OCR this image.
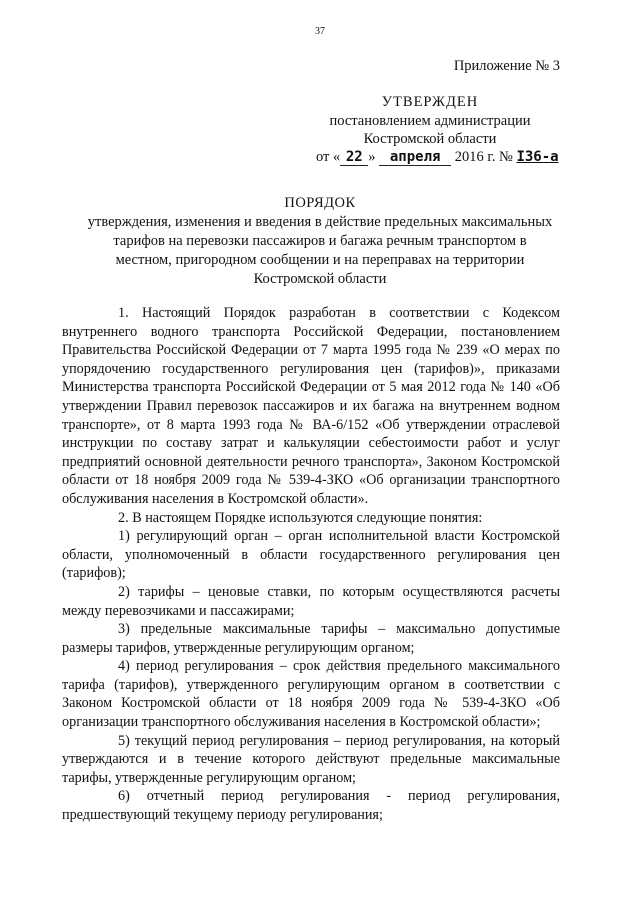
37
Приложение № 3
УТВЕРЖДЕН
постановлением администрации
Костромской области
от « 22 » апреля 2016 г. № I36-а
ПОРЯДОК
утверждения, изменения и введения в действие предельных максимальных
тарифов на перевозки пассажиров и багажа речным транспортом в
местном, пригородном сообщении и на переправах на территории
Костромской области

1. Настоящий Порядок разработан в соответствии с Кодексом внутреннего водного транспорта Российской Федерации, постановлением Правительства Российской Федерации от 7 марта 1995 года № 239 «О мерах по упорядочению государственного регулирования цен (тарифов)», приказами Министерства транспорта Российской Федерации от 5 мая 2012 года № 140 «Об утверждении Правил перевозок пассажиров и их багажа на внутреннем водном транспорте», от 8 марта 1993 года № ВА-6/152 «Об утверждении отраслевой инструкции по составу затрат и калькуляции себестоимости работ и услуг предприятий основной деятельности речного транспорта», Законом Костромской области от 18 ноября 2009 года № 539-4-ЗКО «Об организации транспортного обслуживания населения в Костромской области».

2. В настоящем Порядке используются следующие понятия:

1) регулирующий орган – орган исполнительной власти Костромской области, уполномоченный в области государственного регулирования цен (тарифов);

2) тарифы – ценовые ставки, по которым осуществляются расчеты между перевозчиками и пассажирами;

3) предельные максимальные тарифы – максимально допустимые размеры тарифов, утвержденные регулирующим органом;

4) период регулирования – срок действия предельного максимального тарифа (тарифов), утвержденного регулирующим органом в соответствии с Законом Костромской области от 18 ноября 2009 года № 539-4-ЗКО «Об организации транспортного обслуживания населения в Костромской области»;

5) текущий период регулирования – период регулирования, на который утверждаются и в течение которого действуют предельные максимальные тарифы, утвержденные регулирующим органом;

6) отчетный период регулирования - период регулирования, предшествующий текущему периоду регулирования;
